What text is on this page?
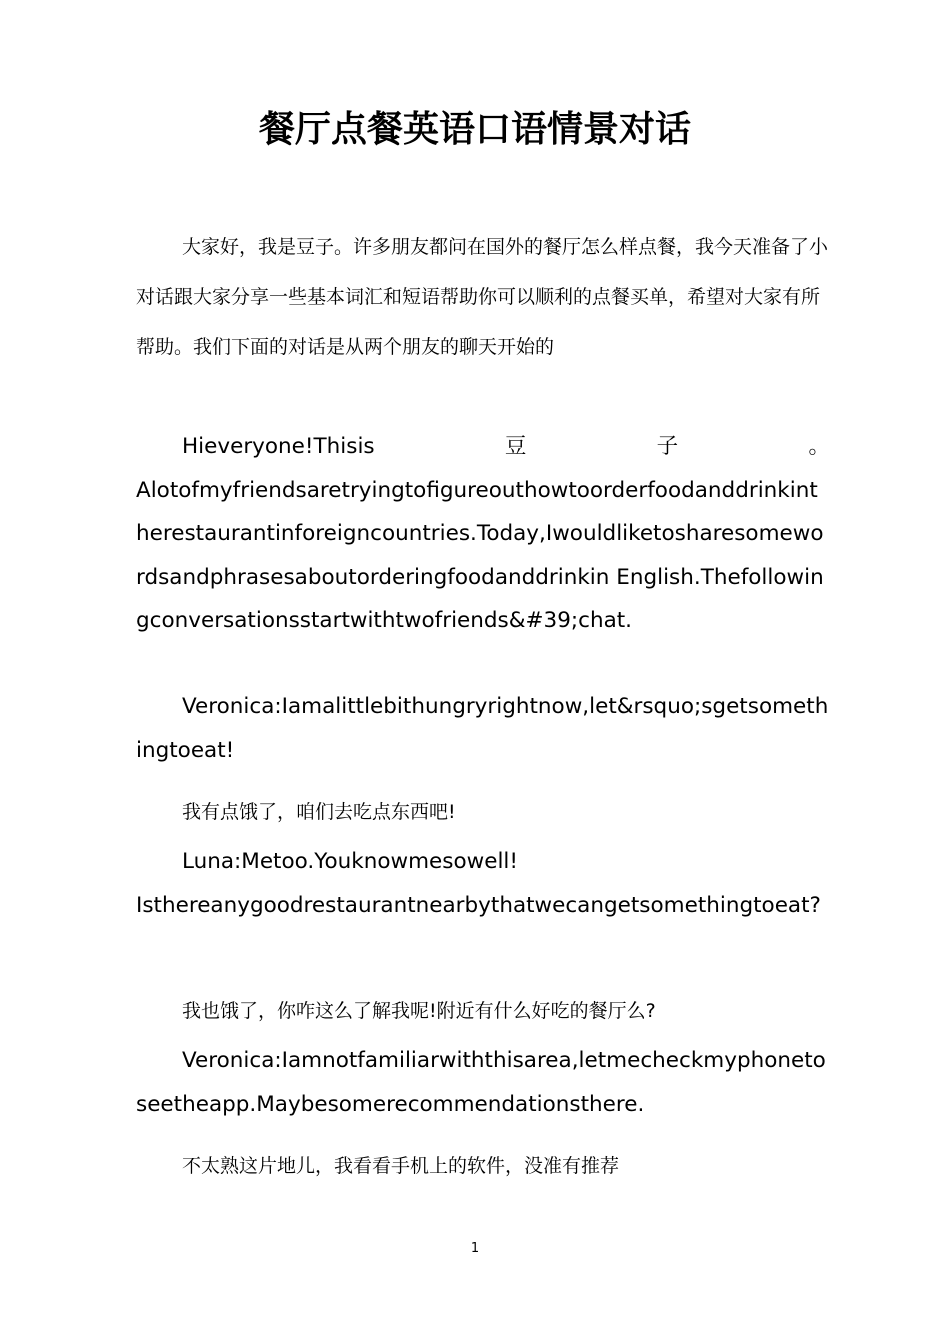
餐厅点餐英语口语情景对话

大家好，我是豆子。许多朋友都问在国外的餐厅怎么样点餐，我今天准备了小对话跟大家分享一些基本词汇和短语帮助你可以顺利的点餐买单，希望对大家有所帮助。我们下面的对话是从两个朋友的聊天开始的

Hieveryone!Thisis	豆	子	。
Alotofmyfriendsaretryingtofigureouthowtoorderfoodanddrinkintherestaurantinforeigncountries.Today,Iwouldliketosharesomewordsandphrasesaboutorderingfoodanddrinkin English.Thefollowingconversationsstartwithtwofriends&#39;chat.

Veronica:Iamalittlebithungryrightnow,let&rsquo;sgetsomethingtoeat!

我有点饿了，咱们去吃点东西吧!

Luna:Metoo.Youknowmesowell!
Isthereanygoodrestaurantnearbythatwecangetsomethingtoeat?

我也饿了，你咋这么了解我呢!附近有什么好吃的餐厅么?

Veronica:Iamnotfamiliarwiththisarea,letmecheckmyphonetoseetheapp.Maybesomerecommendationsthere.

不太熟这片地儿，我看看手机上的软件，没准有推荐

1
